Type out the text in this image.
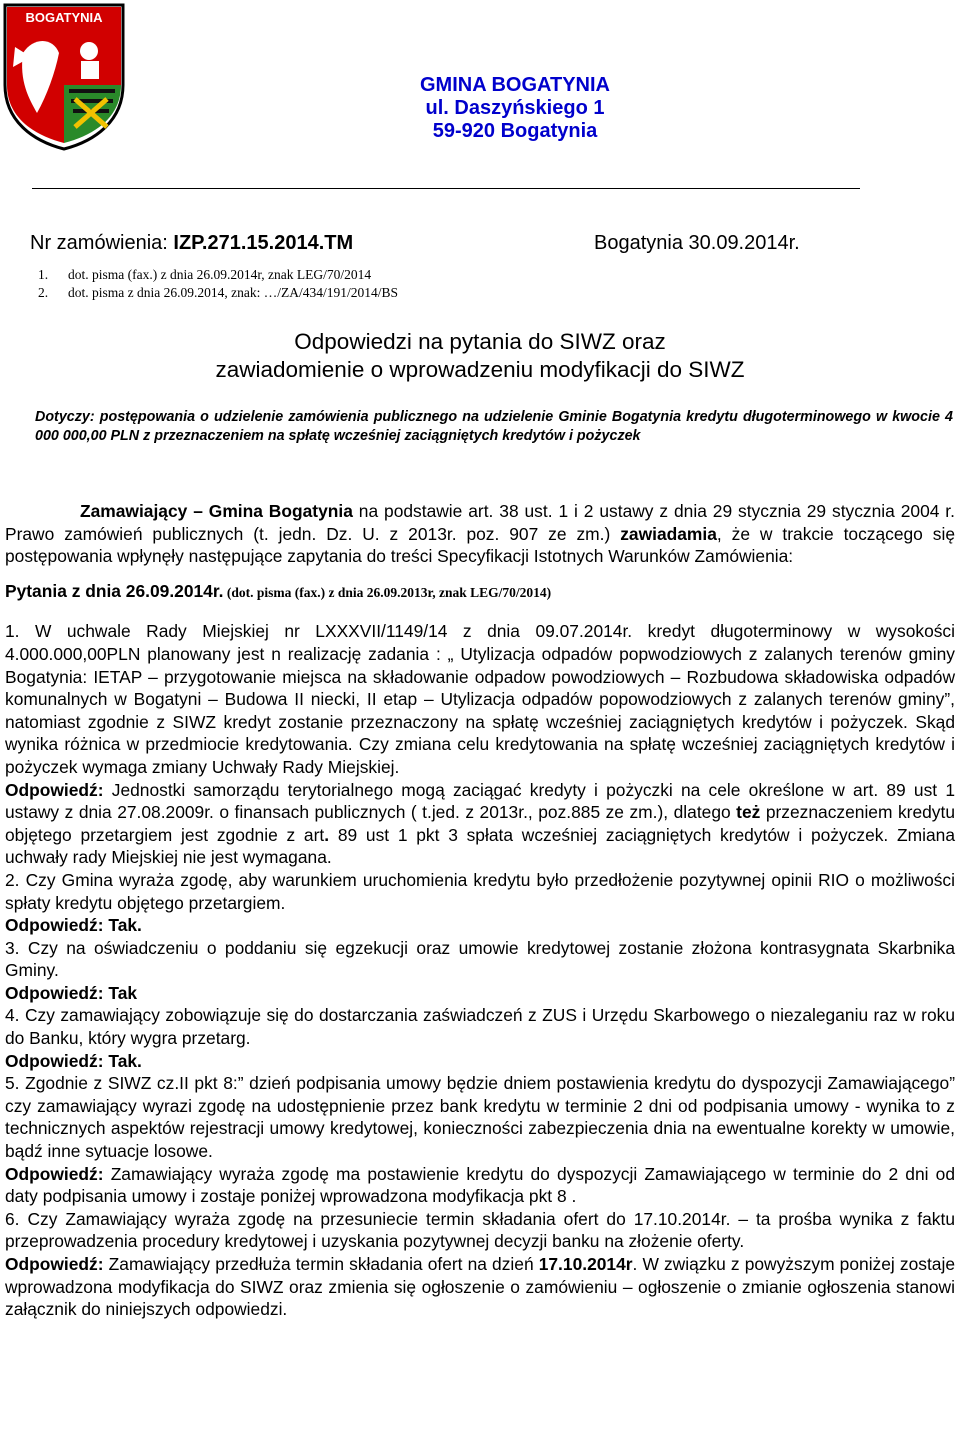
BOGATYNIA
GMINA BOGATYNIA
ul. Daszyńskiego 1
59-920 Bogatynia
Nr zamówienia: IZP.271.15.2014.TM	Bogatynia 30.09.2014r.
1. dot. pisma (fax.) z dnia 26.09.2014r, znak LEG/70/2014
2. dot. pisma z dnia 26.09.2014, znak: …/ZA/434/191/2014/BS
Odpowiedzi na pytania do SIWZ oraz
zawiadomienie o wprowadzeniu modyfikacji do SIWZ
Dotyczy: postępowania o udzielenie zamówienia publicznego na udzielenie Gminie Bogatynia kredytu długoterminowego w kwocie 4 000 000,00 PLN z przeznaczeniem na spłatę wcześniej zaciągniętych kredytów i pożyczek

Zamawiający – Gmina Bogatynia na podstawie art. 38 ust. 1 i 2 ustawy z dnia 29 stycznia 29 stycznia 2004 r. Prawo zamówień publicznych (t. jedn. Dz. U. z 2013r. poz. 907 ze zm.) zawiadamia, że w trakcie toczącego się postępowania wpłynęły następujące zapytania do treści Specyfikacji Istotnych Warunków Zamówienia:

Pytania z dnia 26.09.2014r. (dot. pisma (fax.) z dnia 26.09.2013r, znak LEG/70/2014)

1. W uchwale Rady Miejskiej nr LXXXVII/1149/14 z dnia 09.07.2014r. kredyt długoterminowy w wysokości 4.000.000,00PLN planowany jest n realizację zadania : „ Utylizacja odpadów popwodziowych z zalanych terenów gminy Bogatynia: IETAP – przygotowanie miejsca na składowanie odpadow powodziowych – Rozbudowa składowiska odpadów komunalnych w Bogatyni – Budowa II niecki, II etap – Utylizacja odpadów popowodziowych z zalanych terenów gminy”, natomiast zgodnie z SIWZ kredyt zostanie przeznaczony na spłatę wcześniej zaciągniętych kredytów i pożyczek. Skąd wynika różnica w przedmiocie kredytowania. Czy zmiana celu kredytowania na spłatę wcześniej zaciągniętych kredytów i pożyczek wymaga zmiany Uchwały Rady Miejskiej.

Odpowiedź: Jednostki samorządu terytorialnego mogą zaciągać kredyty i pożyczki na cele określone w art. 89 ust 1 ustawy z dnia 27.08.2009r. o finansach publicznych ( t.jed. z 2013r., poz.885 ze zm.), dlatego też przeznaczeniem kredytu objętego przetargiem jest zgodnie z art. 89 ust 1 pkt 3 spłata wcześniej zaciągniętych kredytów i pożyczek. Zmiana uchwały rady Miejskiej nie jest wymagana.

2. Czy Gmina wyraża zgodę, aby warunkiem uruchomienia kredytu było przedłożenie pozytywnej opinii RIO o możliwości spłaty kredytu objętego przetargiem.

Odpowiedź: Tak.

3. Czy na oświadczeniu o poddaniu się egzekucji oraz umowie kredytowej zostanie złożona kontrasygnata Skarbnika Gminy.

Odpowiedź: Tak

4. Czy zamawiający zobowiązuje się do dostarczania zaświadczeń z ZUS i Urzędu Skarbowego o niezaleganiu raz w roku do Banku, który wygra przetarg.

Odpowiedź: Tak.

5. Zgodnie z SIWZ cz.II pkt 8:” dzień podpisania umowy będzie dniem postawienia kredytu do dyspozycji Zamawiającego” czy zamawiający wyrazi zgodę na udostępnienie przez bank kredytu w terminie 2 dni od podpisania umowy - wynika to z technicznych aspektów rejestracji umowy kredytowej, konieczności zabezpieczenia dnia na ewentualne korekty w umowie, bądź inne sytuacje losowe.

Odpowiedź: Zamawiający wyraża zgodę ma postawienie kredytu do dyspozycji Zamawiającego w terminie do 2 dni od daty podpisania umowy i zostaje poniżej wprowadzona modyfikacja pkt 8 .

6. Czy Zamawiający wyraża zgodę na przesuniecie termin składania ofert do 17.10.2014r. – ta prośba wynika z faktu przeprowadzenia procedury kredytowej i uzyskania pozytywnej decyzji banku na złożenie oferty.

Odpowiedź: Zamawiający przedłuża termin składania ofert na dzień 17.10.2014r. W związku z powyższym poniżej zostaje wprowadzona modyfikacja do SIWZ oraz zmienia się ogłoszenie o zamówieniu – ogłoszenie o zmianie ogłoszenia stanowi załącznik do niniejszych odpowiedzi.
